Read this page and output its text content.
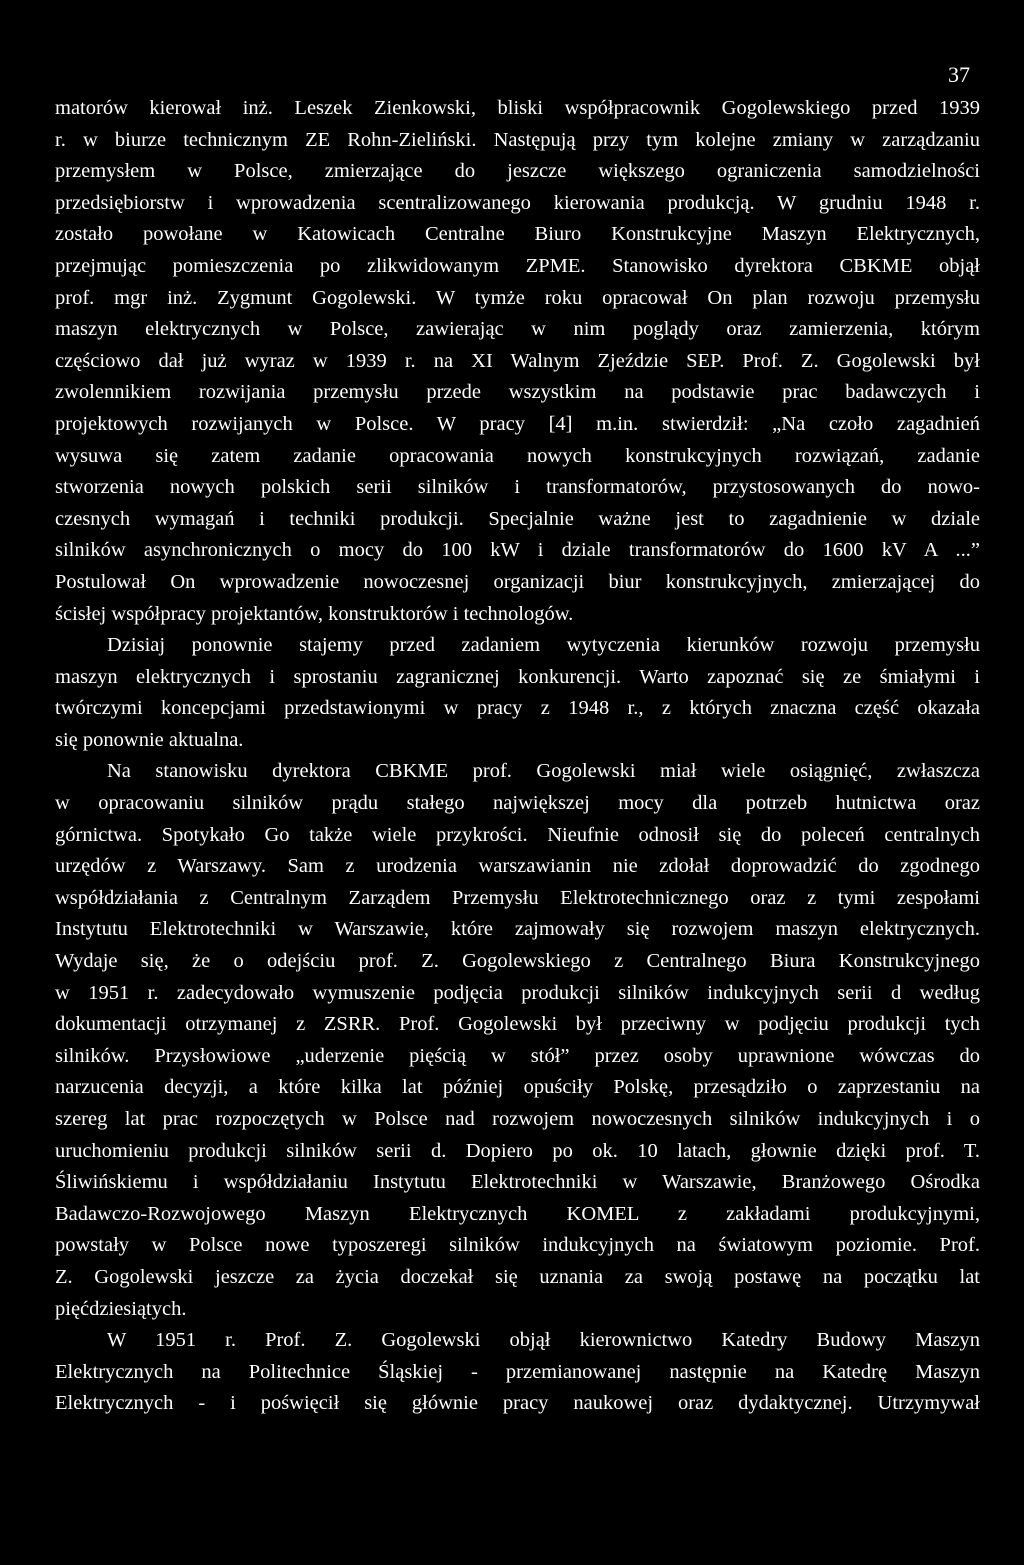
37
matorów kierował inż. Leszek Zienkowski, bliski współpracownik Gogolewskiego przed 1939
r. w biurze technicznym ZE Rohn-Zieliński. Następują przy tym kolejne zmiany w zarządzaniu
przemysłem w Polsce, zmierzające do jeszcze większego ograniczenia samodzielności
przedsiębiorstw i wprowadzenia scentralizowanego kierowania produkcją. W grudniu 1948 r.
zostało powołane w Katowicach Centralne Biuro Konstrukcyjne Maszyn Elektrycznych,
przejmując pomieszczenia po zlikwidowanym ZPME. Stanowisko dyrektora CBKME objął
prof. mgr inż. Zygmunt Gogolewski. W tymże roku opracował On plan rozwoju przemysłu
maszyn elektrycznych w Polsce, zawierając w nim poglądy oraz zamierzenia, którym
częściowo dał już wyraz w 1939 r. na XI Walnym Zjeździe SEP. Prof. Z. Gogolewski był
zwolennikiem rozwijania przemysłu przede wszystkim na podstawie prac badawczych i
projektowych rozwijanych w Polsce. W pracy [4] m.in. stwierdził: „Na czoło zagadnień
wysuwa się zatem zadanie opracowania nowych konstrukcyjnych rozwiązań, zadanie
stworzenia nowych polskich serii silników i transformatorów, przystosowanych do nowo-
czesnych wymagań i techniki produkcji. Specjalnie ważne jest to zagadnienie w dziale
silników asynchronicznych o mocy do 100 kW i dziale transformatorów do 1600 kV A ...”
Postulował On wprowadzenie nowoczesnej organizacji biur konstrukcyjnych, zmierzającej do
ścisłej współpracy projektantów, konstruktorów i technologów.
Dzisiaj ponownie stajemy przed zadaniem wytyczenia kierunków rozwoju przemysłu
maszyn elektrycznych i sprostaniu zagranicznej konkurencji. Warto zapoznać się ze śmiałymi i
twórczymi koncepcjami przedstawionymi w pracy z 1948 r., z których znaczna część okazała
się ponownie aktualna.
Na stanowisku dyrektora CBKME prof. Gogolewski miał wiele osiągnięć, zwłaszcza
w opracowaniu silników prądu stałego największej mocy dla potrzeb hutnictwa oraz
górnictwa. Spotykało Go także wiele przykrości. Nieufnie odnosił się do poleceń centralnych
urzędów z Warszawy. Sam z urodzenia warszawianin nie zdołał doprowadzić do zgodnego
współdziałania z Centralnym Zarządem Przemysłu Elektrotechnicznego oraz z tymi zespołami
Instytutu Elektrotechniki w Warszawie, które zajmowały się rozwojem maszyn elektrycznych.
Wydaje się, że o odejściu prof. Z. Gogolewskiego z Centralnego Biura Konstrukcyjnego
w 1951 r. zadecydowało wymuszenie podjęcia produkcji silników indukcyjnych serii d według
dokumentacji otrzymanej z ZSRR. Prof. Gogolewski był przeciwny w podjęciu produkcji tych
silników. Przysłowiowe „uderzenie pięścią w stół” przez osoby uprawnione wówczas do
narzucenia decyzji, a które kilka lat później opuściły Polskę, przesądziło o zaprzestaniu na
szereg lat prac rozpoczętych w Polsce nad rozwojem nowoczesnych silników indukcyjnych i o
uruchomieniu produkcji silników serii d. Dopiero po ok. 10 latach, głownie dzięki prof. T.
Śliwińskiemu i współdziałaniu Instytutu Elektrotechniki w Warszawie, Branżowego Ośrodka
Badawczo-Rozwojowego Maszyn Elektrycznych KOMEL z zakładami produkcyjnymi,
powstały w Polsce nowe typoszeregi silników indukcyjnych na światowym poziomie. Prof.
Z. Gogolewski jeszcze za życia doczekał się uznania za swoją postawę na początku lat
pięćdziesiątych.
W 1951 r. Prof. Z. Gogolewski objął kierownictwo Katedry Budowy Maszyn
Elektrycznych na Politechnice Śląskiej - przemianowanej następnie na Katedrę Maszyn
Elektrycznych - i poświęcił się głównie pracy naukowej oraz dydaktycznej. Utrzymywał
